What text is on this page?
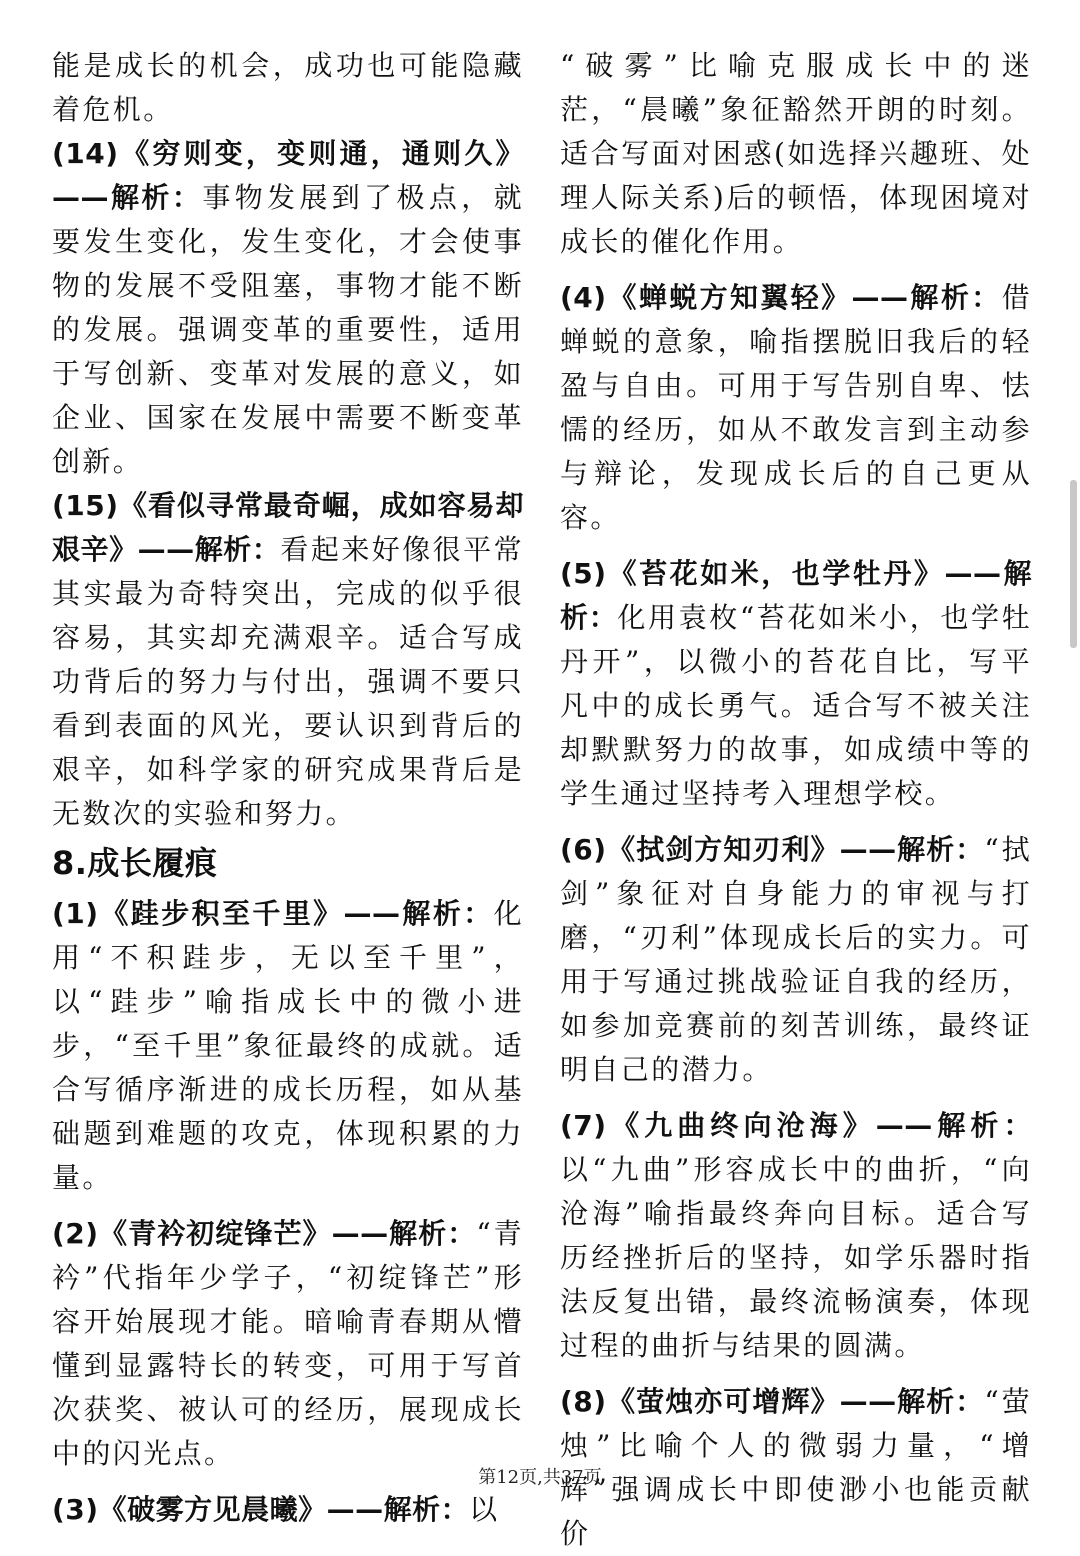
能是成长的机会，成功也可能隐藏着危机。

(14)《穷则变，变则通，通则久》——解析：事物发展到了极点，就要发生变化，发生变化，才会使事物的发展不受阻塞，事物才能不断的发展。强调变革的重要性，适用于写创新、变革对发展的意义，如企业、国家在发展中需要不断变革创新。

(15)《看似寻常最奇崛，成如容易却艰辛》——解析：看起来好像很平常其实最为奇特突出，完成的似乎很容易，其实却充满艰辛。适合写成功背后的努力与付出，强调不要只看到表面的风光，要认识到背后的艰辛，如科学家的研究成果背后是无数次的实验和努力。

8.成长履痕

(1)《跬步积至千里》——解析：化用“不积跬步，无以至千里”，以“跬步”喻指成长中的微小进步，“至千里”象征最终的成就。适合写循序渐进的成长历程，如从基础题到难题的攻克，体现积累的力量。

(2)《青衿初绽锋芒》——解析：“青衿”代指年少学子，“初绽锋芒”形容开始展现才能。暗喻青春期从懵懂到显露特长的转变，可用于写首次获奖、被认可的经历，展现成长中的闪光点。

(3)《破雾方见晨曦》——解析：以

“破雾”比喻克服成长中的迷茫，“晨曦”象征豁然开朗的时刻。适合写面对困惑(如选择兴趣班、处理人际关系)后的顿悟，体现困境对成长的催化作用。

(4)《蝉蜕方知翼轻》——解析：借蝉蜕的意象，喻指摆脱旧我后的轻盈与自由。可用于写告别自卑、怯懦的经历，如从不敢发言到主动参与辩论，发现成长后的自己更从容。

(5)《苔花如米，也学牡丹》——解析：化用袁枚“苔花如米小，也学牡丹开”，以微小的苔花自比，写平凡中的成长勇气。适合写不被关注却默默努力的故事，如成绩中等的学生通过坚持考入理想学校。

(6)《拭剑方知刃利》——解析：“拭剑”象征对自身能力的审视与打磨，“刃利”体现成长后的实力。可用于写通过挑战验证自我的经历，如参加竞赛前的刻苦训练，最终证明自己的潜力。

(7)《九曲终向沧海》——解析：以“九曲”形容成长中的曲折，“向沧海”喻指最终奔向目标。适合写历经挫折后的坚持，如学乐器时指法反复出错，最终流畅演奏，体现过程的曲折与结果的圆满。

(8)《萤烛亦可增辉》——解析：“萤烛”比喻个人的微弱力量，“增辉”强调成长中即使渺小也能贡献价

第12页,共37页
